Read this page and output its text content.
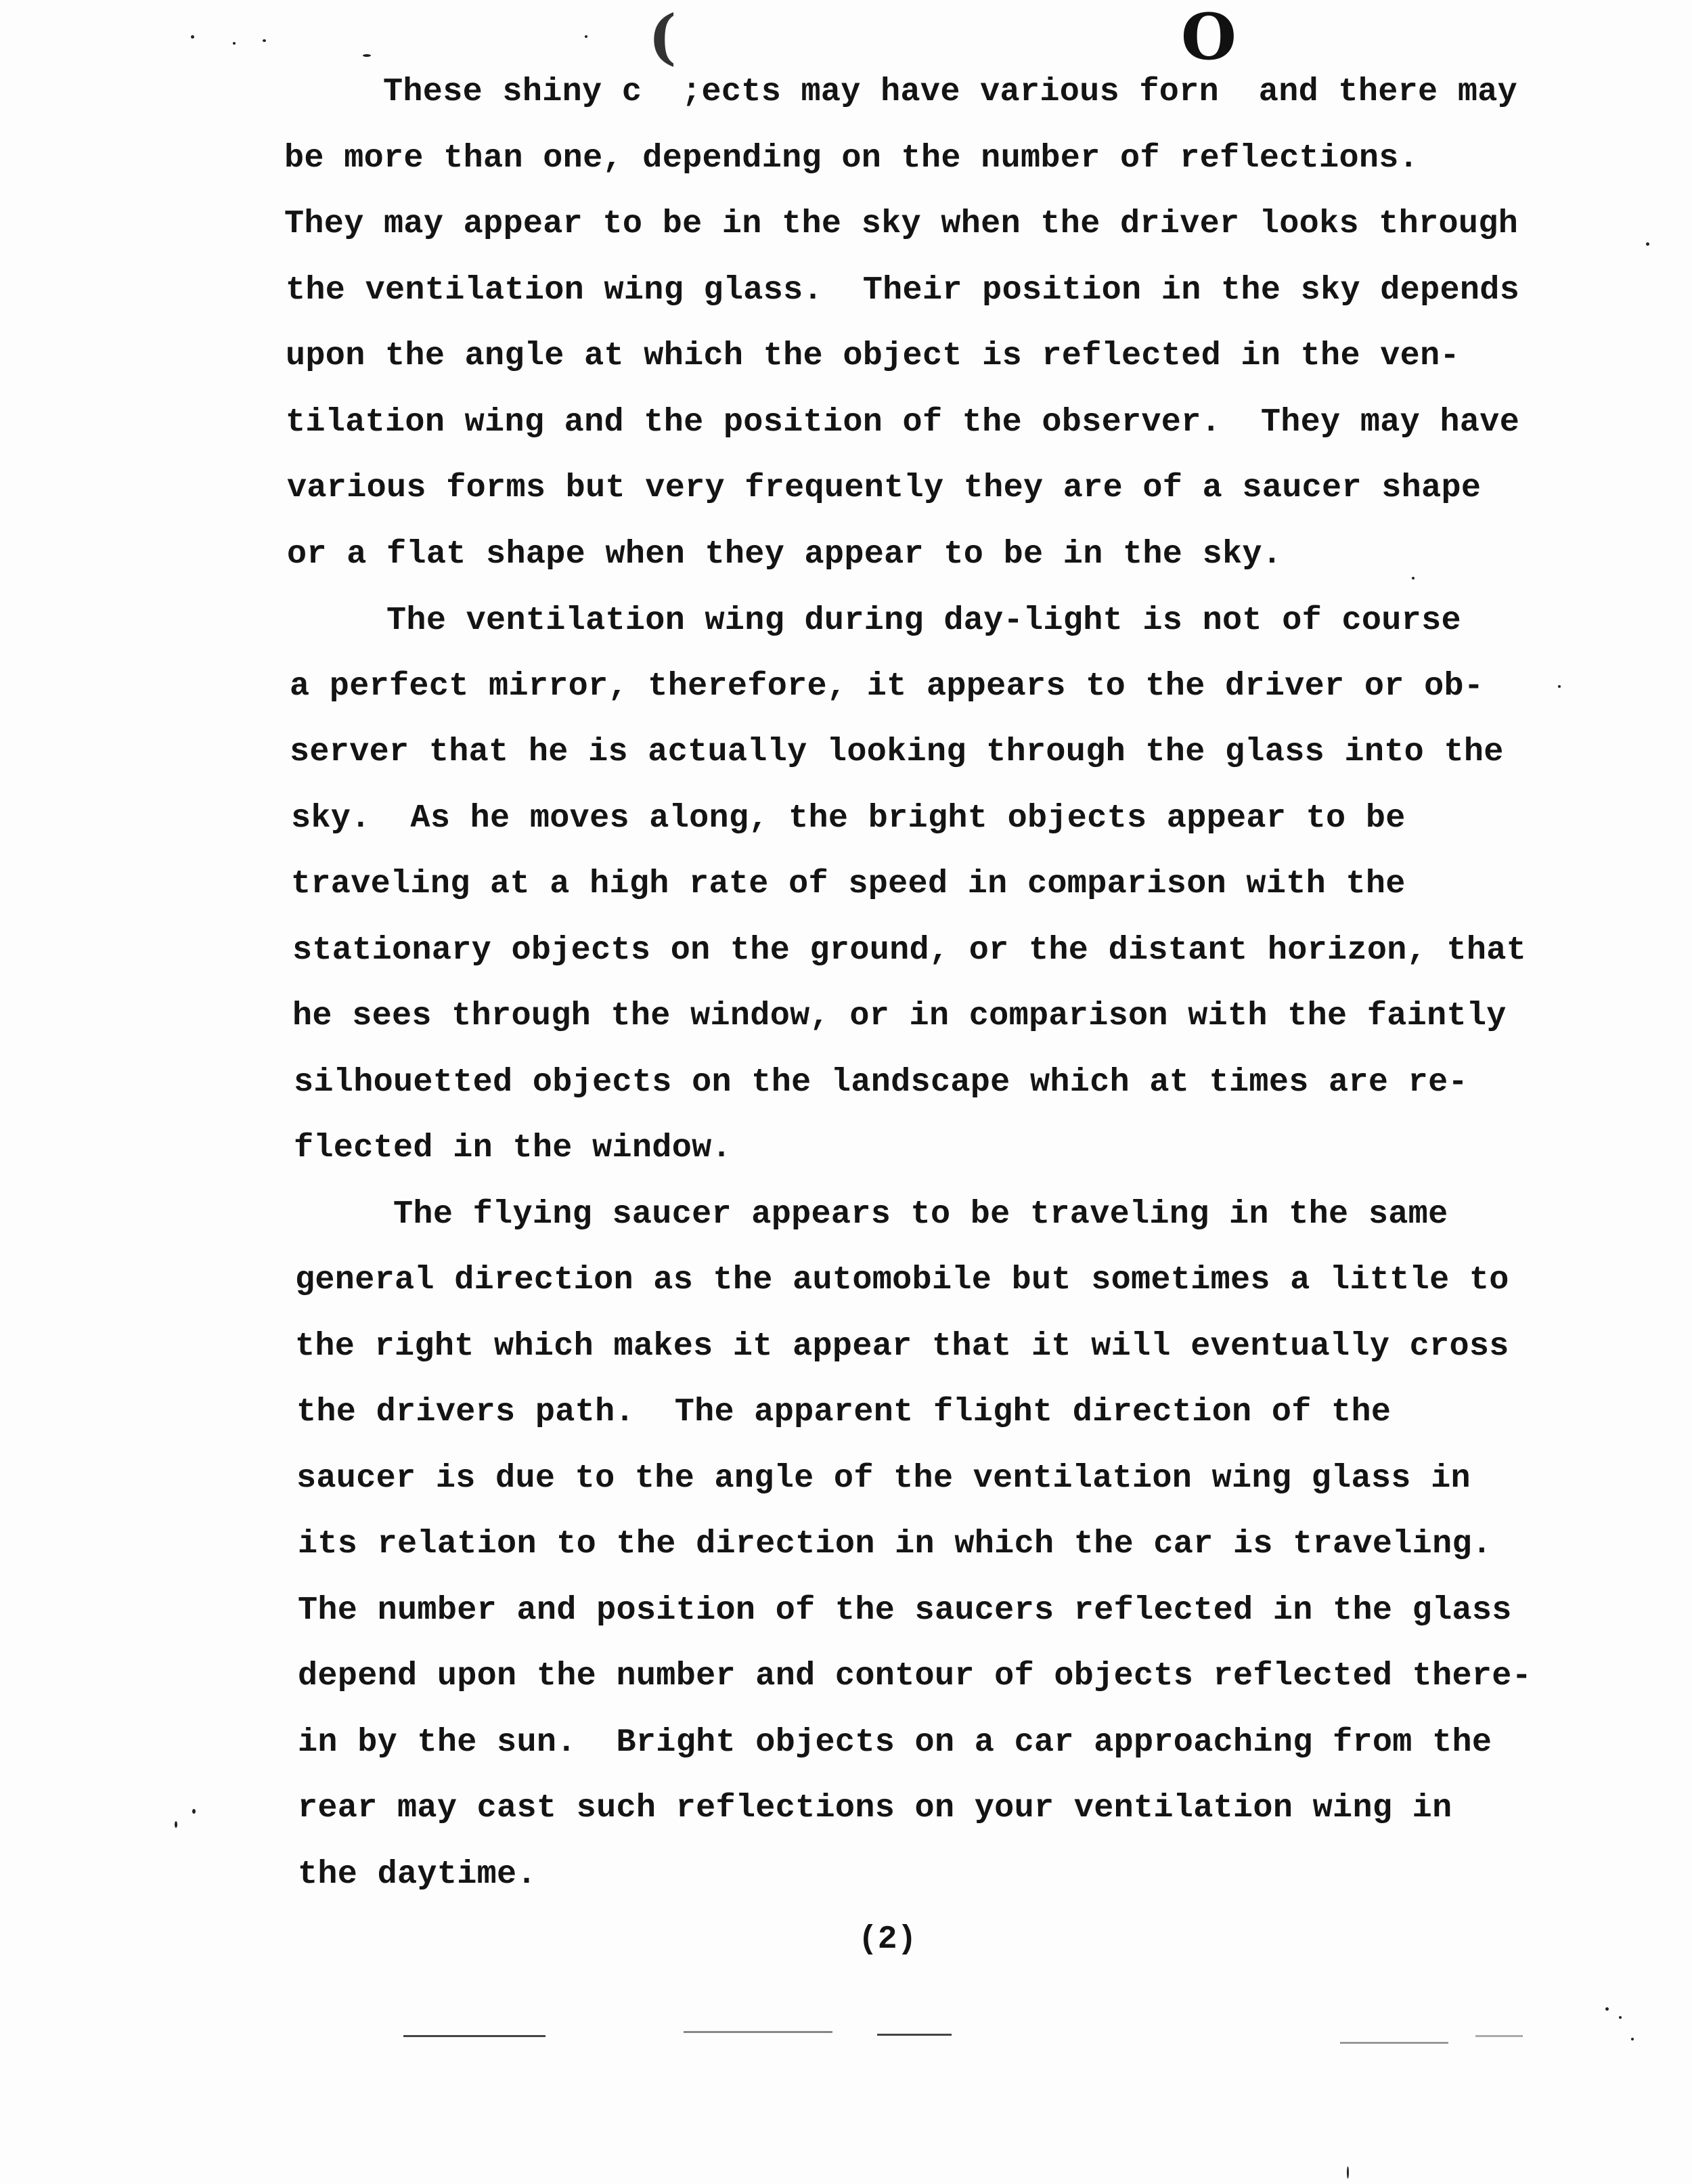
(	O
These shiny c  ;ects may have various forn  and there may
be more than one, depending on the number of reflections.
They may appear to be in the sky when the driver looks through
the ventilation wing glass.  Their position in the sky depends
upon the angle at which the object is reflected in the ven-
tilation wing and the position of the observer.  They may have
various forms but very frequently they are of a saucer shape
or a flat shape when they appear to be in the sky.
The ventilation wing during day-light is not of course
a perfect mirror, therefore, it appears to the driver or ob-
server that he is actually looking through the glass into the
sky.  As he moves along, the bright objects appear to be
traveling at a high rate of speed in comparison with the
stationary objects on the ground, or the distant horizon, that
he sees through the window, or in comparison with the faintly
silhouetted objects on the landscape which at times are re-
flected in the window.
The flying saucer appears to be traveling in the same
general direction as the automobile but sometimes a little to
the right which makes it appear that it will eventually cross
the drivers path.  The apparent flight direction of the
saucer is due to the angle of the ventilation wing glass in
its relation to the direction in which the car is traveling.
The number and position of the saucers reflected in the glass
depend upon the number and contour of objects reflected there-
in by the sun.  Bright objects on a car approaching from the
rear may cast such reflections on your ventilation wing in
the daytime.
(2)
